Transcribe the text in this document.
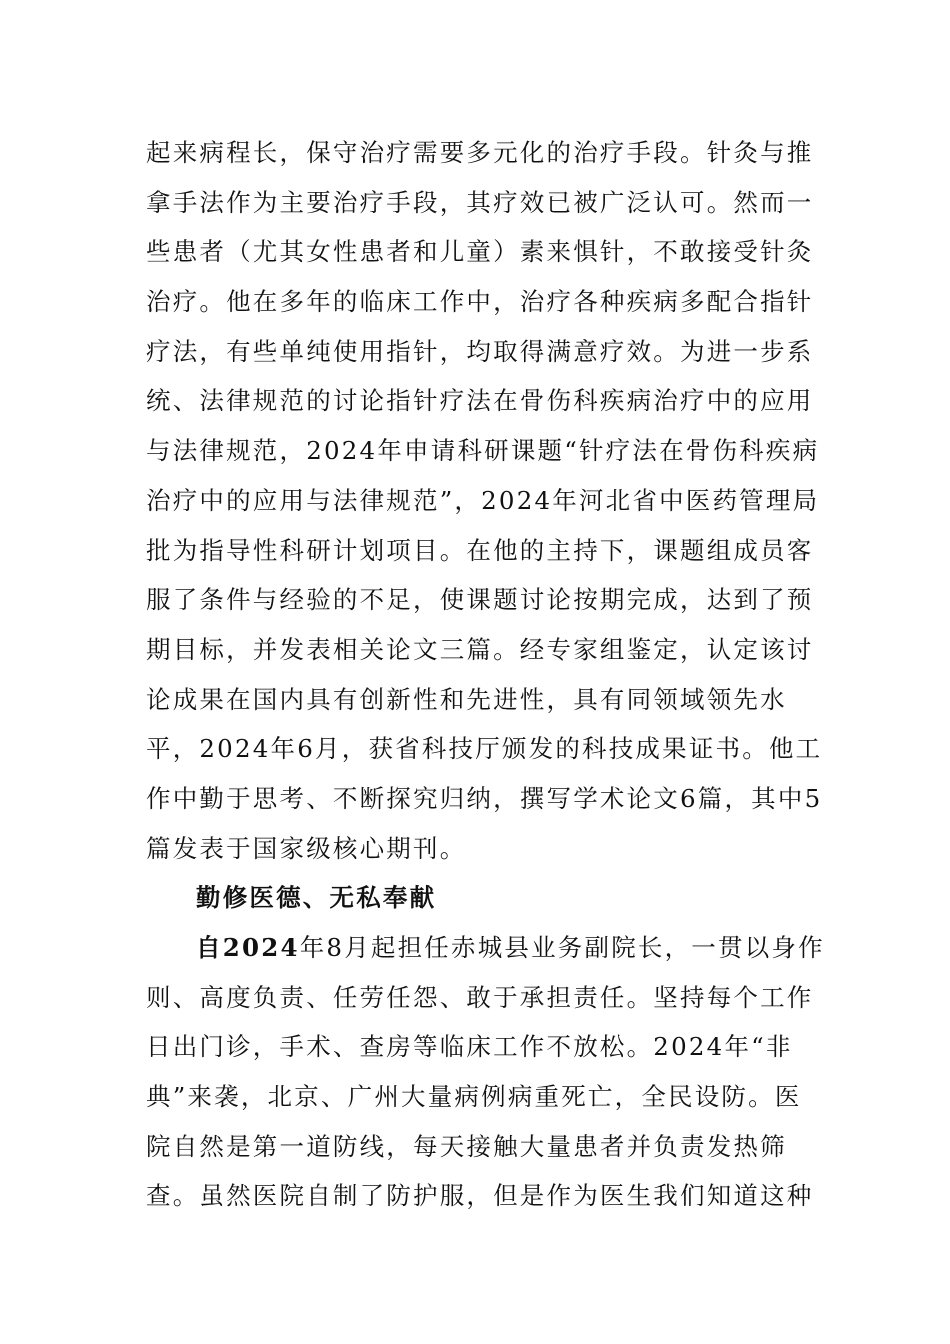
起来病程长，保守治疗需要多元化的治疗手段。针灸与推
拿手法作为主要治疗手段，其疗效已被广泛认可。然而一
些患者（尤其女性患者和儿童）素来惧针，不敢接受针灸
治疗。他在多年的临床工作中，治疗各种疾病多配合指针
疗法，有些单纯使用指针，均取得满意疗效。为进一步系
统、法律规范的讨论指针疗法在骨伤科疾病治疗中的应用
与法律规范，2024年申请科研课题“针疗法在骨伤科疾病
治疗中的应用与法律规范”，2024年河北省中医药管理局
批为指导性科研计划项目。在他的主持下，课题组成员客
服了条件与经验的不足，使课题讨论按期完成，达到了预
期目标，并发表相关论文三篇。经专家组鉴定，认定该讨
论成果在国内具有创新性和先进性，具有同领域领先水
平，2024年6月，获省科技厅颁发的科技成果证书。他工
作中勤于思考、不断探究归纳，撰写学术论文6篇，其中5
篇发表于国家级核心期刊。
勤修医德、无私奉献
自2024年8月起担任赤城县业务副院长，一贯以身作
则、高度负责、任劳任怨、敢于承担责任。坚持每个工作
日出门诊，手术、查房等临床工作不放松。2024年“非
典”来袭，北京、广州大量病例病重死亡，全民设防。医
院自然是第一道防线，每天接触大量患者并负责发热筛
查。虽然医院自制了防护服，但是作为医生我们知道这种
